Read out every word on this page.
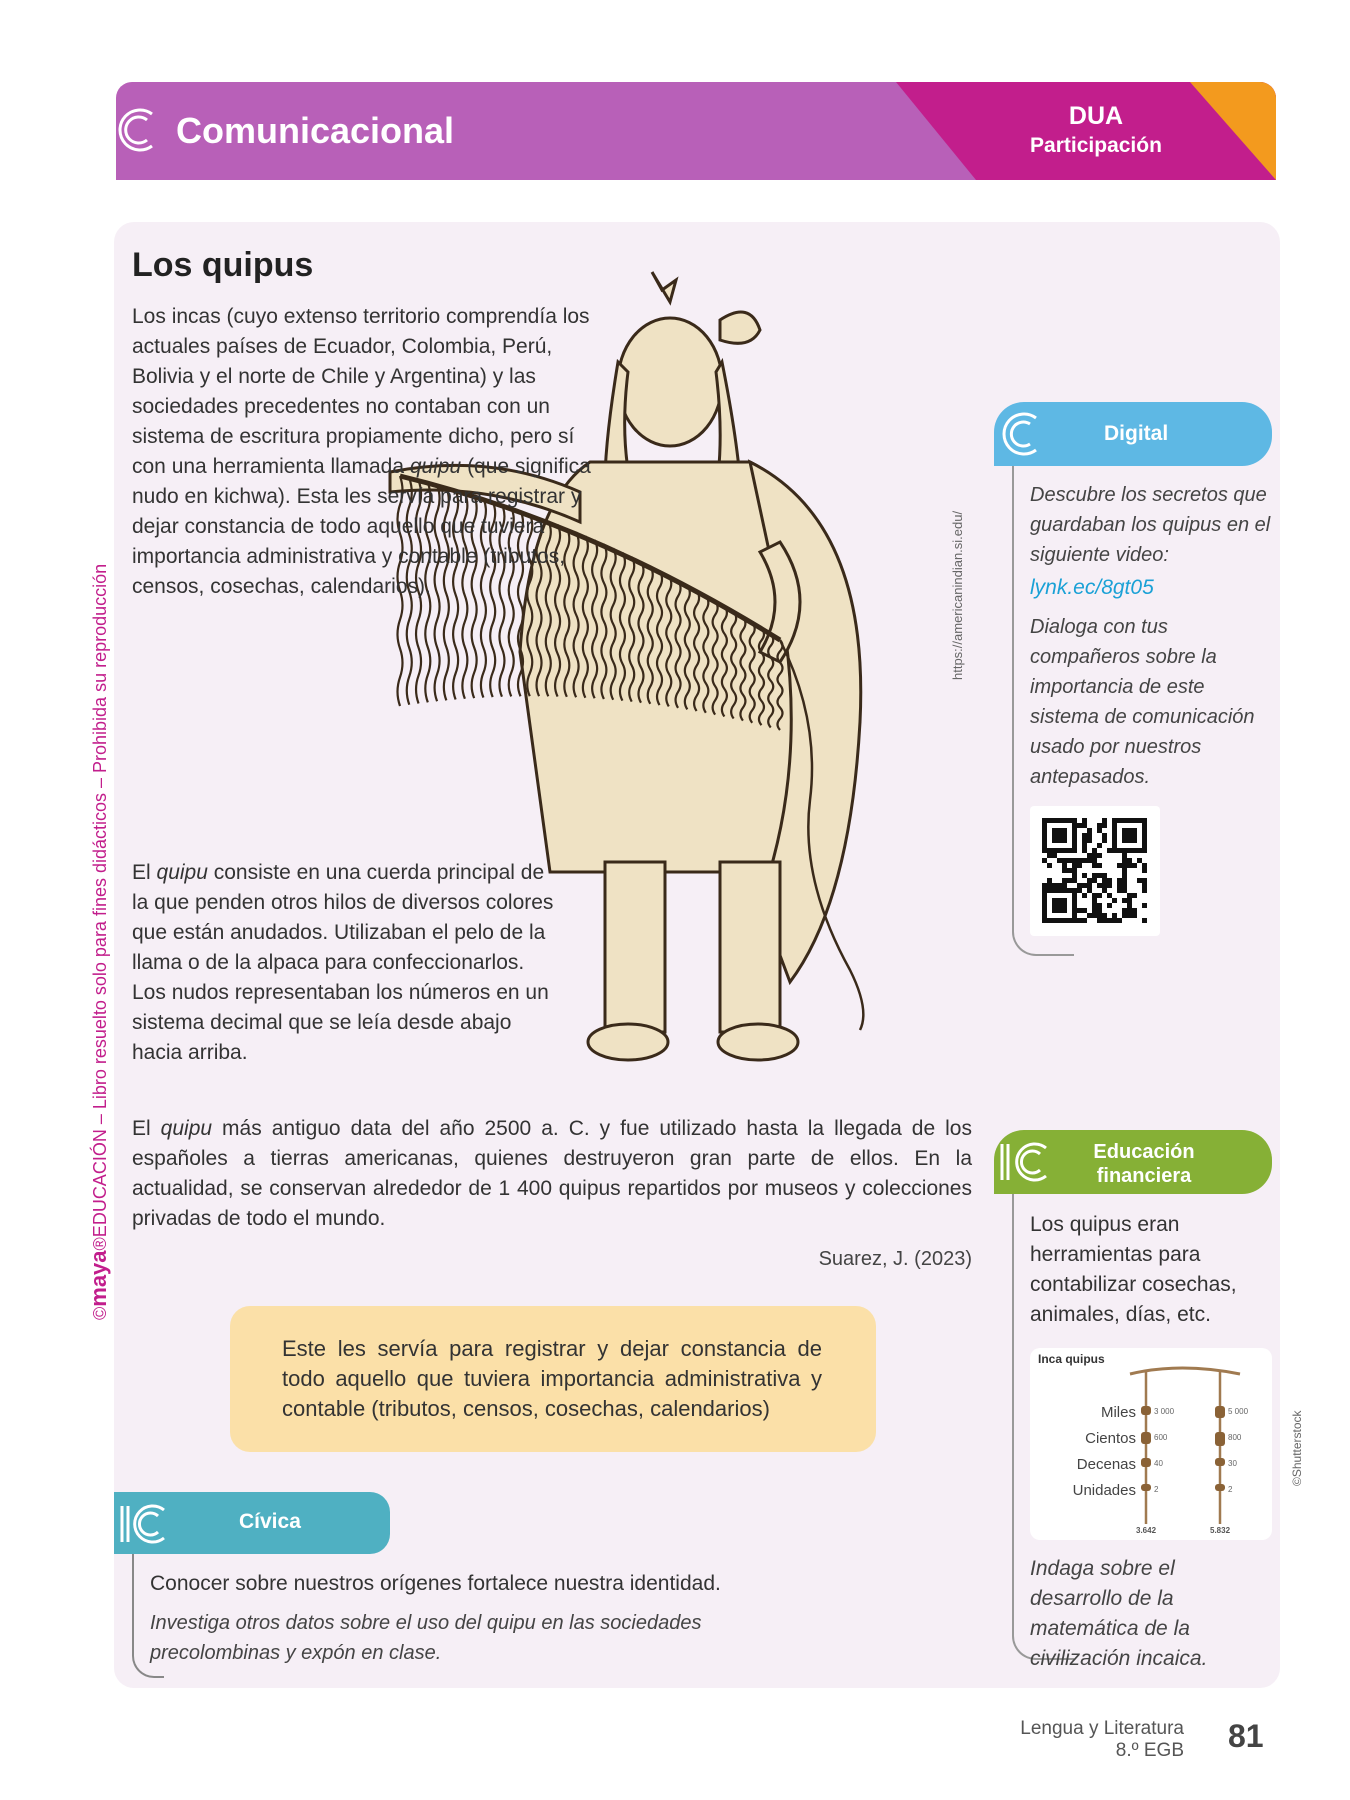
Comunicacional	DUA
Participación
©maya®EDUCACIÓN – Libro resuelto solo para fines didácticos – Prohibida su reproducción	https://americanindian.si.edu/
Los quipus
Los incas (cuyo extenso territorio comprendía los actuales países de Ecuador, Colombia, Perú, Bolivia y el norte de Chile y Argentina) y las sociedades precedentes no contaban con un sistema de escritura propiamente dicho, pero sí con una herramienta llamada quipu (que significa nudo en kichwa). Esta les servía para registrar y dejar constancia de todo aquello que tuviera importancia administrativa y contable (tributos, censos, cosechas, calendarios).
El quipu consiste en una cuerda principal de la que penden otros hilos de diversos colores que están anudados. Utilizaban el pelo de la llama o de la alpaca para confeccionarlos. Los nudos representaban los números en un sistema decimal que se leía desde abajo hacia arriba.
El quipu más antiguo data del año 2500 a. C. y fue utilizado hasta la llegada de los españoles a tierras americanas, quienes destruyeron gran parte de ellos. En la actualidad, se conservan alrededor de 1 400 quipus repartidos por museos y colecciones privadas de todo el mundo.
Suarez, J. (2023)
Este les servía para registrar y dejar constancia de todo aquello que tuviera importancia administrativa y contable (tributos, censos, cosechas, calendarios)
Cívica
Conocer sobre nuestros orígenes fortalece nuestra identidad.
Investiga otros datos sobre el uso del quipu en las sociedades precolombinas y expón en clase.
Digital
Descubre los secretos que guardaban los quipus en el siguiente video:
lynk.ec/8gt05
Dialoga con tus compañeros sobre la importancia de este sistema de comunicación usado por nuestros antepasados.
Educación
financiera
Los quipus eran herramientas para contabilizar cosechas, animales, días, etc.
Inca quipus
Miles 3 000	5 000
Cientos 600	800
Decenas 40	30
Unidades 2	2
3.642	5.832
©Shutterstock
Indaga sobre el desarrollo de la matemática de la civilización incaica.
Lengua y Literatura
8.º EGB 81
